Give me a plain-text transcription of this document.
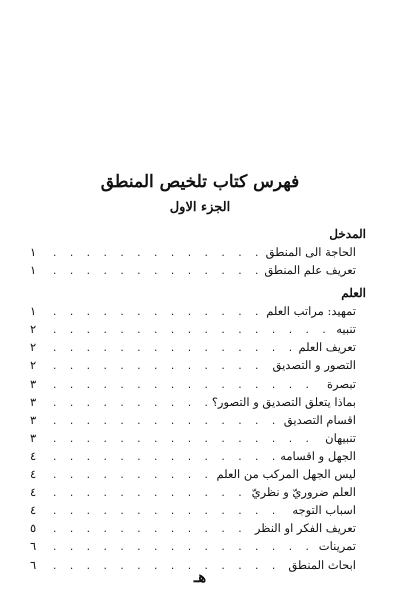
فهرس كتاب تلخيص المنطق
الجزء الاول
المدخل
الحاجة الى المنطق
. . .
١
تعريف علم المنطق
. . .
١
العلم
تمهيد: مراتب العلم
. . .
١
تنبيه
. . .
٢
تعريف العلم
. . .
٢
التصور و التصديق
. . .
٢
تبصرة
. . .
٣
بماذا يتعلق التصديق و التصور؟
. . .
٣
اقسام التصديق
. . .
٣
تنبيهان
. . .
٣
الجهل و اقسامه
. . .
٤
ليس الجهل المركب من العلم
. . .
٤
العلم ضروريّ و نظريّ
. . .
٤
اسباب التوجه
. . .
٤
تعريف الفكر او النظر
. . .
٥
تمرينات
. . .
٦
ابحاث المنطق
. . .
٦
هـ
